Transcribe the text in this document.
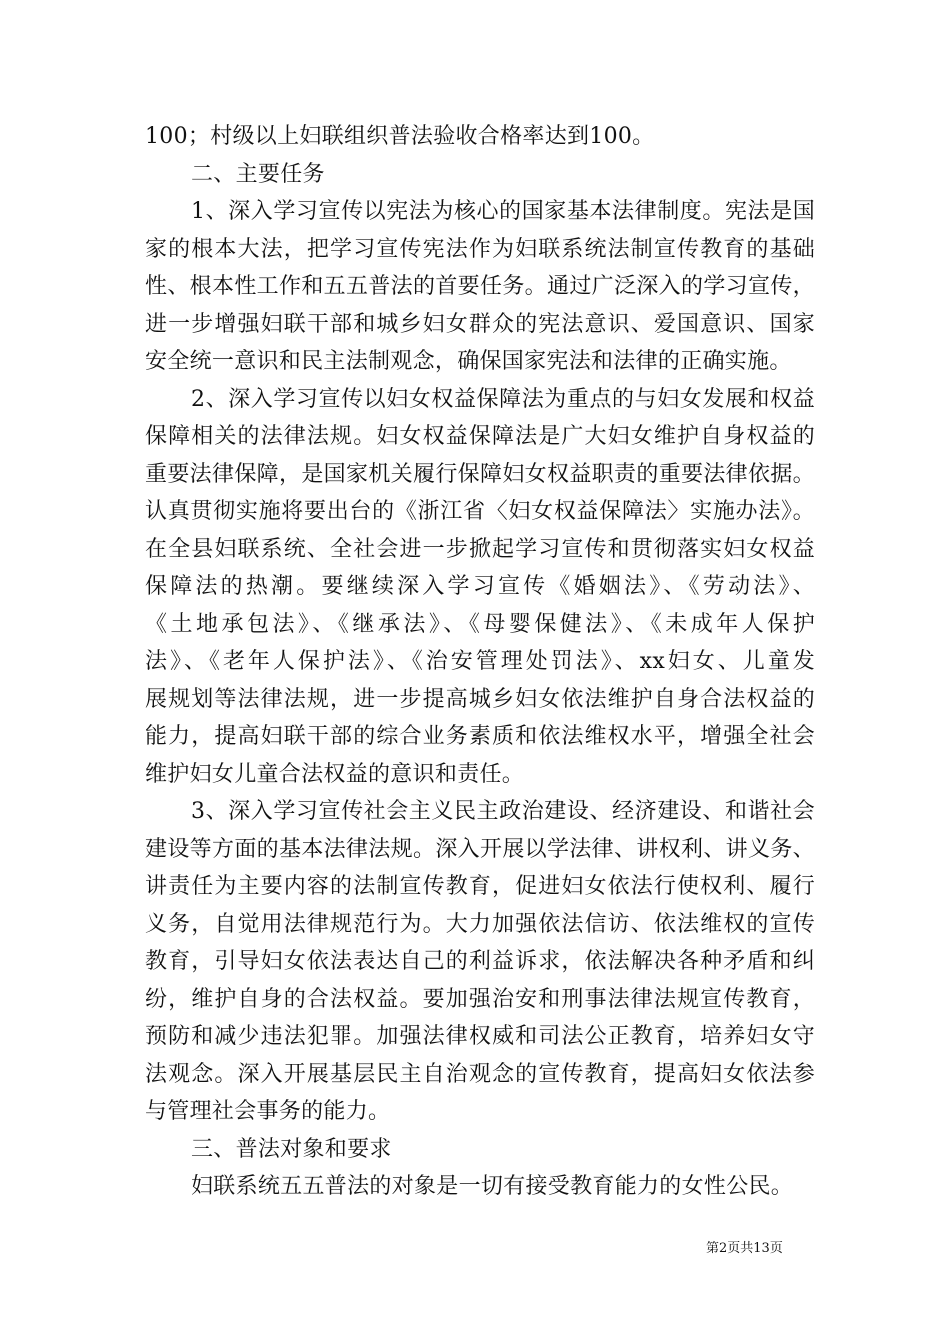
100；村级以上妇联组织普法验收合格率达到100。
二、主要任务
1、深入学习宣传以宪法为核心的国家基本法律制度。宪法是国
家的根本大法，把学习宣传宪法作为妇联系统法制宣传教育的基础
性、根本性工作和五五普法的首要任务。通过广泛深入的学习宣传，
进一步增强妇联干部和城乡妇女群众的宪法意识、爱国意识、国家
安全统一意识和民主法制观念，确保国家宪法和法律的正确实施。
2、深入学习宣传以妇女权益保障法为重点的与妇女发展和权益
保障相关的法律法规。妇女权益保障法是广大妇女维护自身权益的
重要法律保障，是国家机关履行保障妇女权益职责的重要法律依据。
认真贯彻实施将要出台的《浙江省〈妇女权益保障法〉实施办法》。
在全县妇联系统、全社会进一步掀起学习宣传和贯彻落实妇女权益
保障法的热潮。要继续深入学习宣传《婚姻法》、《劳动法》、
《土地承包法》、《继承法》、《母婴保健法》、《未成年人保护
法》、《老年人保护法》、《治安管理处罚法》、xx妇女、儿童发
展规划等法律法规，进一步提高城乡妇女依法维护自身合法权益的
能力，提高妇联干部的综合业务素质和依法维权水平，增强全社会
维护妇女儿童合法权益的意识和责任。
3、深入学习宣传社会主义民主政治建设、经济建设、和谐社会
建设等方面的基本法律法规。深入开展以学法律、讲权利、讲义务、
讲责任为主要内容的法制宣传教育，促进妇女依法行使权利、履行
义务，自觉用法律规范行为。大力加强依法信访、依法维权的宣传
教育，引导妇女依法表达自己的利益诉求，依法解决各种矛盾和纠
纷，维护自身的合法权益。要加强治安和刑事法律法规宣传教育，
预防和减少违法犯罪。加强法律权威和司法公正教育，培养妇女守
法观念。深入开展基层民主自治观念的宣传教育，提高妇女依法参
与管理社会事务的能力。
三、普法对象和要求
妇联系统五五普法的对象是一切有接受教育能力的女性公民。
第2页共13页
